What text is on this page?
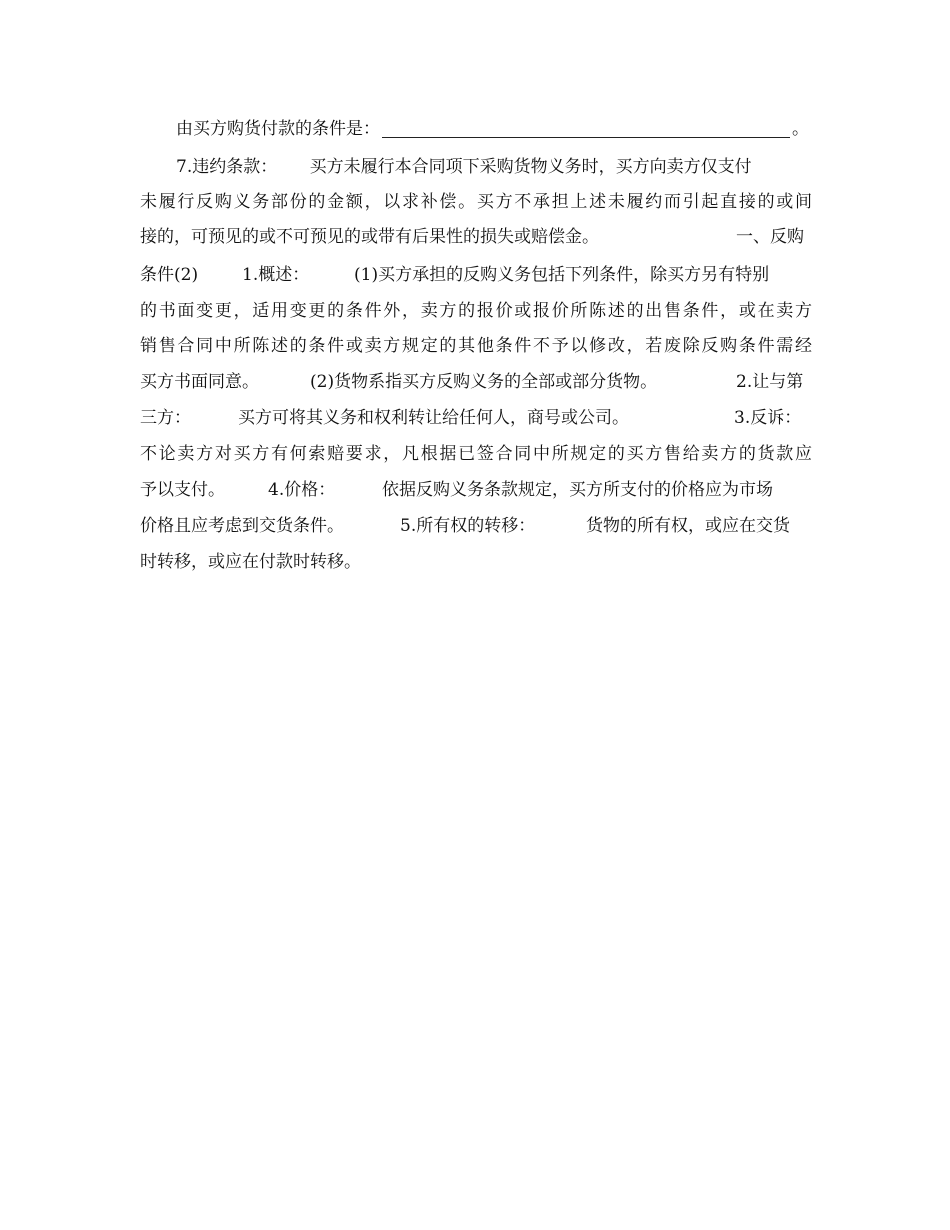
由买方购货付款的条件是：	。
7.违约条款： 买方未履行本合同项下采购货物义务时，买方向卖方仅支付
未履行反购义务部份的金额，以求补偿。买方不承担上述未履约而引起直接的或间
接的，可预见的或不可预见的或带有后果性的损失或赔偿金。	一、反购
条件(2)	1.概述：	(1)买方承担的反购义务包括下列条件，除买方另有特别
的书面变更，适用变更的条件外，卖方的报价或报价所陈述的出售条件，或在卖方
销售合同中所陈述的条件或卖方规定的其他条件不予以修改，若废除反购条件需经
买方书面同意。	(2)货物系指买方反购义务的全部或部分货物。	2.让与第
三方：	买方可将其义务和权利转让给任何人，商号或公司。	3.反诉：
不论卖方对买方有何索赔要求，凡根据已签合同中所规定的买方售给卖方的货款应
予以支付。	4.价格：	依据反购义务条款规定，买方所支付的价格应为市场
价格且应考虑到交货条件。	5.所有权的转移：	货物的所有权，或应在交货
时转移，或应在付款时转移。
